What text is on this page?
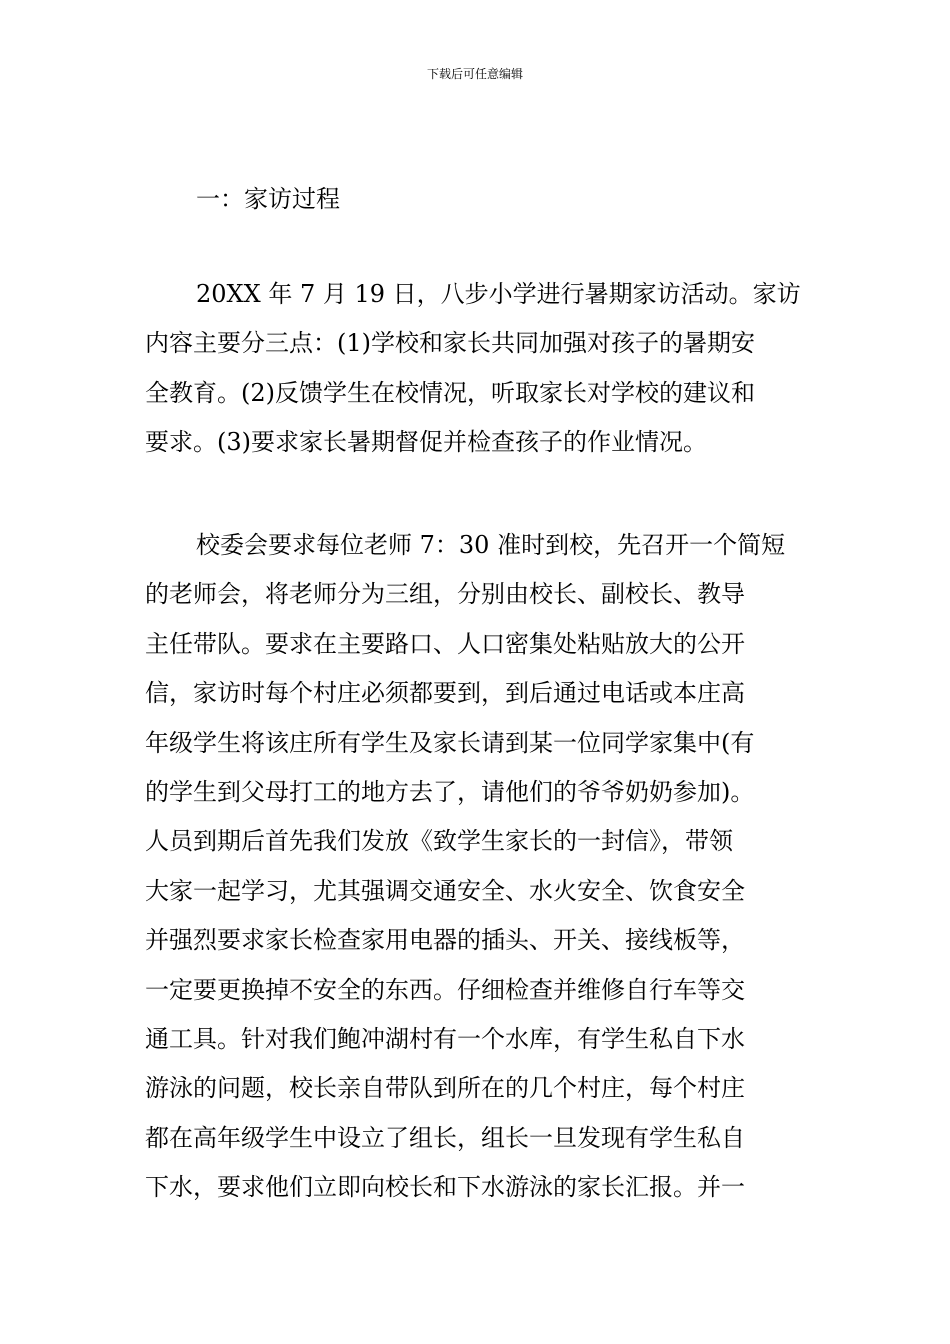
下载后可任意编辑
一：家访过程
20XX 年 7 月 19 日，八步小学进行暑期家访活动。家访
内容主要分三点：(1)学校和家长共同加强对孩子的暑期安
全教育。(2)反馈学生在校情况，听取家长对学校的建议和
要求。(3)要求家长暑期督促并检查孩子的作业情况。
校委会要求每位老师 7：30 准时到校，先召开一个简短
的老师会，将老师分为三组，分别由校长、副校长、教导
主任带队。要求在主要路口、人口密集处粘贴放大的公开
信，家访时每个村庄必须都要到，到后通过电话或本庄高
年级学生将该庄所有学生及家长请到某一位同学家集中(有
的学生到父母打工的地方去了，请他们的爷爷奶奶参加)。
人员到期后首先我们发放《致学生家长的一封信》，带领
大家一起学习，尤其强调交通安全、水火安全、饮食安全
并强烈要求家长检查家用电器的插头、开关、接线板等，
一定要更换掉不安全的东西。仔细检查并维修自行车等交
通工具。针对我们鲍冲湖村有一个水库，有学生私自下水
游泳的问题，校长亲自带队到所在的几个村庄，每个村庄
都在高年级学生中设立了组长，组长一旦发现有学生私自
下水，要求他们立即向校长和下水游泳的家长汇报。并一
